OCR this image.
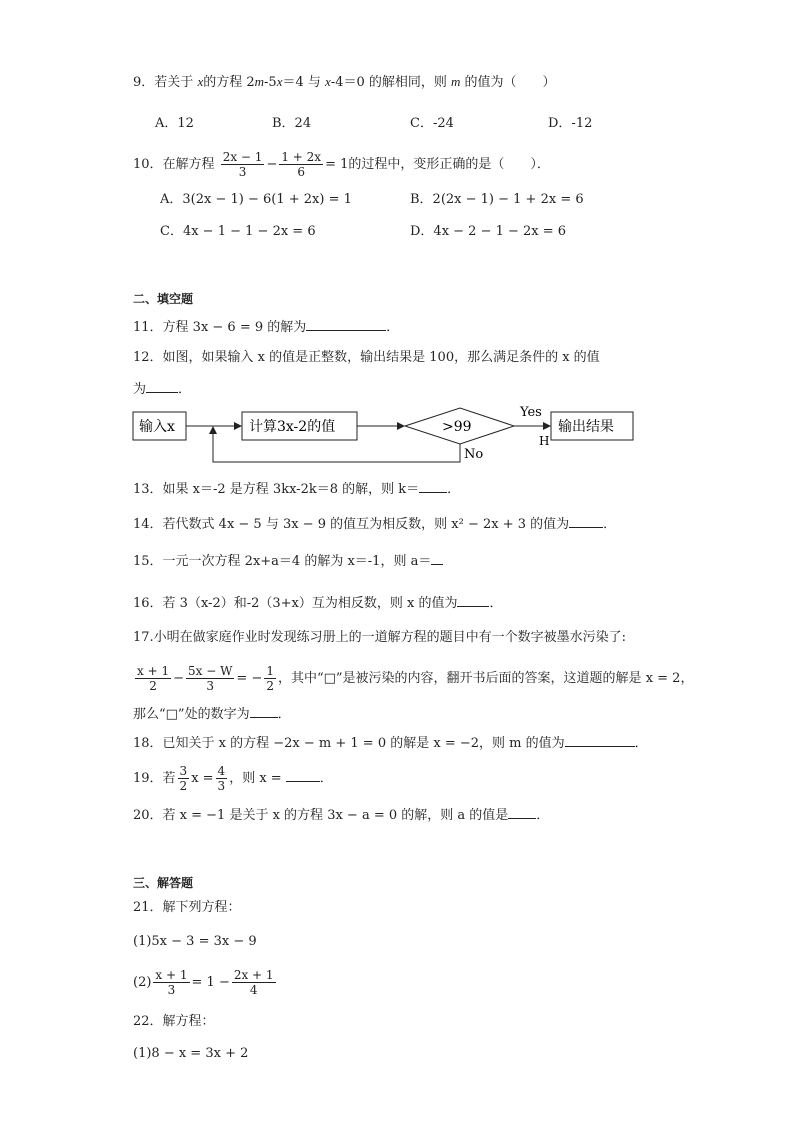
9．若关于 x的方程 2m-5x＝4 与 x-4＝0 的解相同，则 m 的值为（　　）
A．12	B．24	C．-24	D．-12
10．在解方程 $\frac{2x - 1}{3} - \frac{1 + 2x}{6} = 1$的过程中，变形正确的是（　　）．
A．3(2x − 1) − 6(1 + 2x) = 1	B．2(2x − 1) − 1 + 2x = 6
C．4x − 1 − 1 − 2x = 6	D．4x − 2 − 1 − 2x = 6
二、填空题
11．方程 3x − 6 = 9 的解为	．
12．如图，如果输入 x 的值是正整数，输出结果是 100，那么满足条件的 x 的值
为 ．
输入x	计算3x-2的值	>99
Yes
H
输出结果
No
13．如果 x＝-2 是方程 3kx-2k＝8 的解，则 k＝ ．
14．若代数式 4x − 5 与 3x − 9 的值互为相反数，则 x² − 2x + 3 的值为	．
15．一元一次方程 2x+a＝4 的解为 x＝-1，则 a＝
16．若 3（x-2）和-2（3+x）互为相反数，则 x 的值为 ．
17.小明在做家庭作业时发现练习册上的一道解方程的题目中有一个数字被墨水污染了:
$\frac{x + 1}{2} - \frac{5x - W}{3}$ = − $\frac{1}{2}$ ，其中“□”是被污染的内容，翻开书后面的答案，这道题的解是 x = 2，
那么“□”处的数字为 ．
18．已知关于 x 的方程 −2x − m + 1 = 0 的解是 x = −2，则 m 的值为	．
19．若 $\frac{3}{2}$ $x = \frac{4}{3}$ ，则 x =	．
20．若 x = −1 是关于 x 的方程 3x − a = 0 的解，则 a 的值是 ．
三、解答题
21．解下列方程：
(1)5x − 3 = 3x − 9
$(2) \frac{x + 1}{3} = 1 - \frac{2x + 1}{4}$
22．解方程：
(1)8 − x = 3x + 2
